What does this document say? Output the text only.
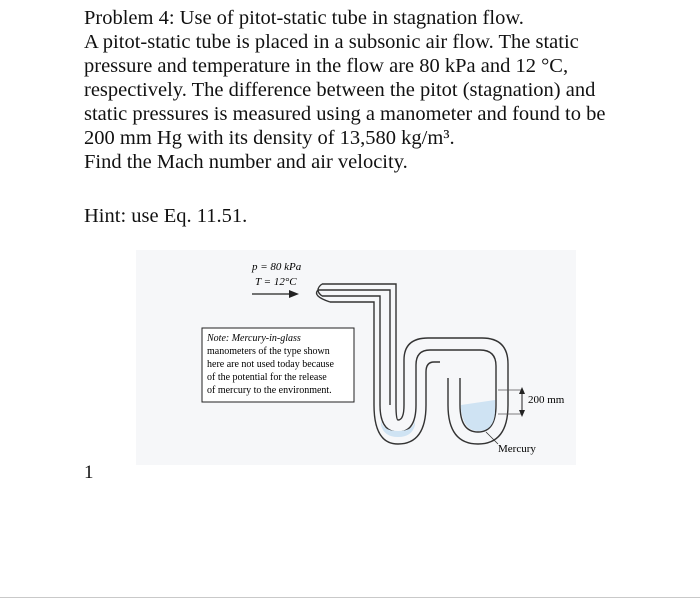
Problem 4: Use of pitot-static tube in stagnation flow.
A pitot-static tube is placed in a subsonic air flow. The static
pressure and temperature in the flow are 80 kPa and 12 °C,
respectively. The difference between the pitot (stagnation) and
static pressures is measured using a manometer and found to be
200 mm Hg with its density of 13,580 kg/m³.
Find the Mach number and air velocity.
Hint: use Eq. 11.51.
p = 80 kPa
T = 12°C
200 mm
Mercury
Note: Mercury-in-glass
manometers of the type shown
here are not used today because
of the potential for the release
of mercury to the environment.
1
